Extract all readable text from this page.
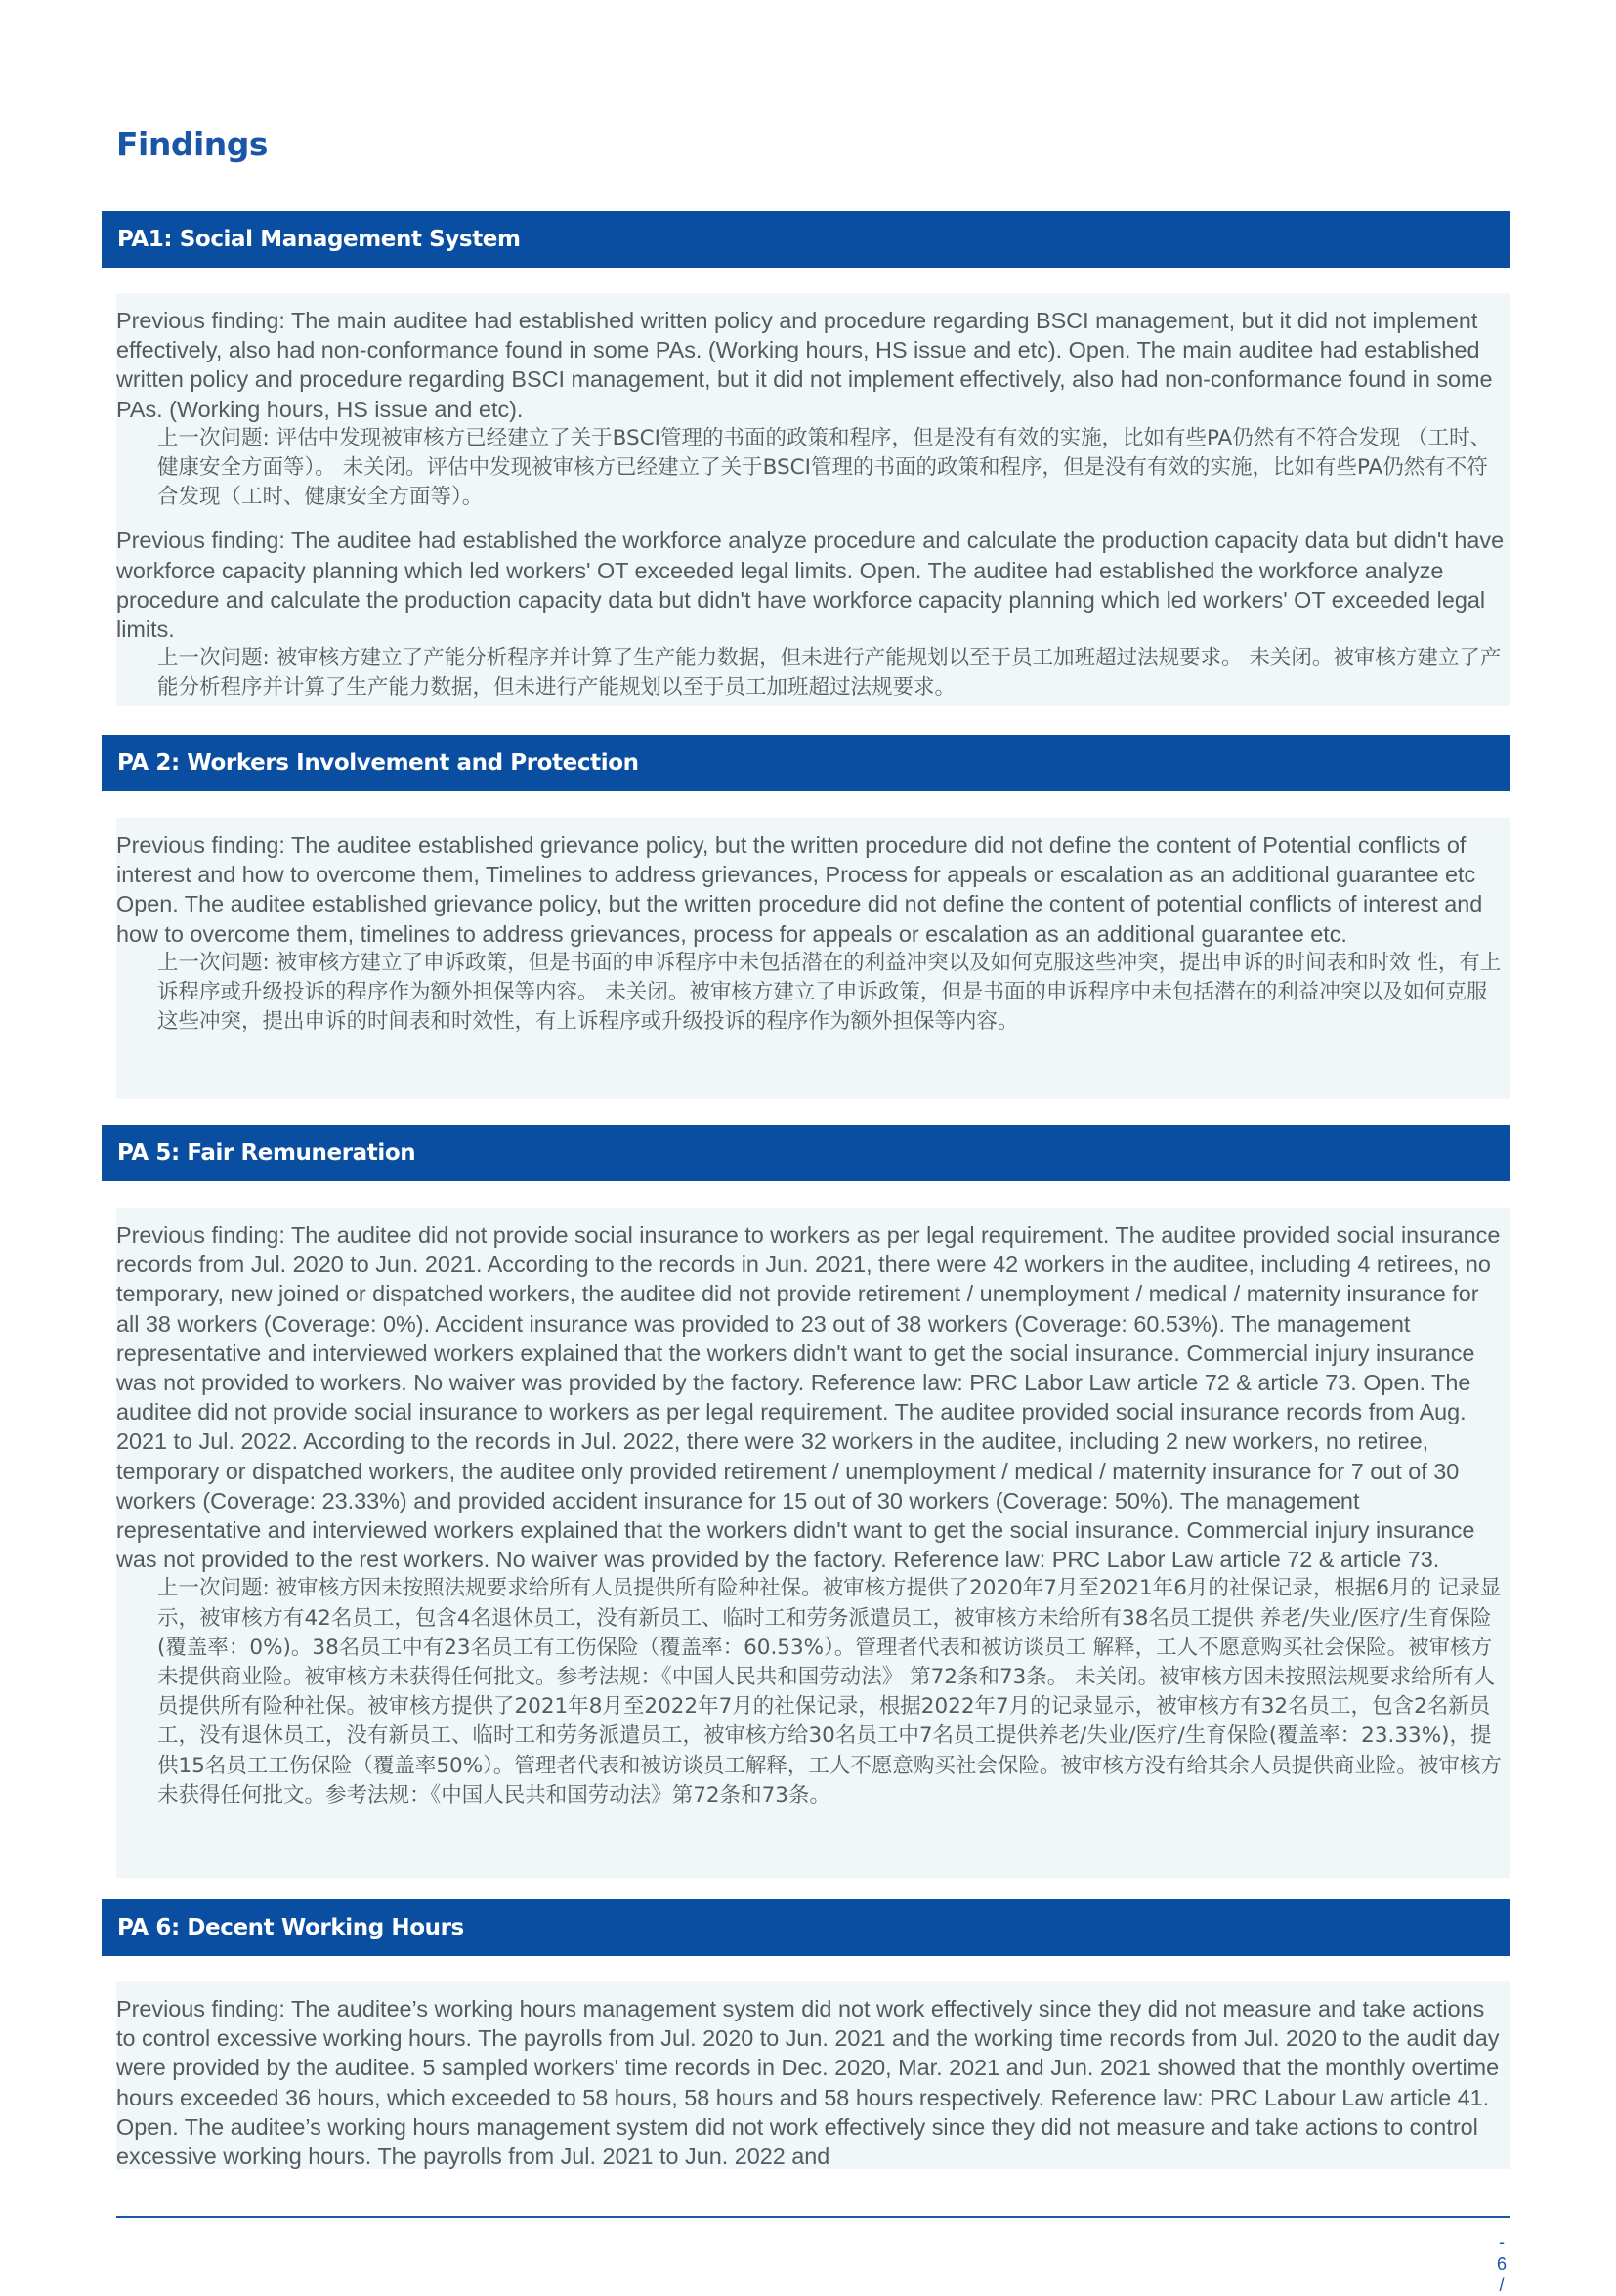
Findings
PA1: Social Management System

Previous finding: The main auditee had established written policy and procedure regarding BSCI management, but it did not implement effectively, also had non-conformance found in some PAs. (Working hours, HS issue and etc). Open. The main auditee had established written policy and procedure regarding BSCI management, but it did not implement effectively, also had non-conformance found in some PAs. (Working hours, HS issue and etc).

上一次问题: 评估中发现被审核方已经建立了关于BSCI管理的书面的政策和程序，但是没有有效的实施，比如有些PA仍然有不符合发现 （工时、健康安全方面等）。 未关闭。评估中发现被审核方已经建立了关于BSCI管理的书面的政策和程序，但是没有有效的实施，比如有些PA仍然有不符合发现（工时、健康安全方面等）。

Previous finding: The auditee had established the workforce analyze procedure and calculate the production capacity data but didn't have workforce capacity planning which led workers' OT exceeded legal limits. Open. The auditee had established the workforce analyze procedure and calculate the production capacity data but didn't have workforce capacity planning which led workers' OT exceeded legal limits.

上一次问题: 被审核方建立了产能分析程序并计算了生产能力数据，但未进行产能规划以至于员工加班超过法规要求。 未关闭。被审核方建立了产能分析程序并计算了生产能力数据，但未进行产能规划以至于员工加班超过法规要求。

PA 2: Workers Involvement and Protection

Previous finding: The auditee established grievance policy, but the written procedure did not define the content of Potential conflicts of interest and how to overcome them, Timelines to address grievances, Process for appeals or escalation as an additional guarantee etc Open. The auditee established grievance policy, but the written procedure did not define the content of potential conflicts of interest and how to overcome them, timelines to address grievances, process for appeals or escalation as an additional guarantee etc.

上一次问题: 被审核方建立了申诉政策，但是书面的申诉程序中未包括潜在的利益冲突以及如何克服这些冲突，提出申诉的时间表和时效 性，有上诉程序或升级投诉的程序作为额外担保等内容。 未关闭。被审核方建立了申诉政策，但是书面的申诉程序中未包括潜在的利益冲突以及如何克服这些冲突，提出申诉的时间表和时效性，有上诉程序或升级投诉的程序作为额外担保等内容。

PA 5: Fair Remuneration

Previous finding: The auditee did not provide social insurance to workers as per legal requirement. The auditee provided social insurance records from Jul. 2020 to Jun. 2021. According to the records in Jun. 2021, there were 42 workers in the auditee, including 4 retirees, no temporary, new joined or dispatched workers, the auditee did not provide retirement / unemployment / medical / maternity insurance for all 38 workers (Coverage: 0%). Accident insurance was provided to 23 out of 38 workers (Coverage: 60.53%). The management representative and interviewed workers explained that the workers didn't want to get the social insurance. Commercial injury insurance was not provided to workers. No waiver was provided by the factory. Reference law: PRC Labor Law article 72 & article 73. Open. The auditee did not provide social insurance to workers as per legal requirement. The auditee provided social insurance records from Aug. 2021 to Jul. 2022. According to the records in Jul. 2022, there were 32 workers in the auditee, including 2 new workers, no retiree, temporary or dispatched workers, the auditee only provided retirement / unemployment / medical / maternity insurance for 7 out of 30 workers (Coverage: 23.33%) and provided accident insurance for 15 out of 30 workers (Coverage: 50%). The management representative and interviewed workers explained that the workers didn't want to get the social insurance. Commercial injury insurance was not provided to the rest workers. No waiver was provided by the factory. Reference law: PRC Labor Law article 72 & article 73.

上一次问题: 被审核方因未按照法规要求给所有人员提供所有险种社保。被审核方提供了2020年7月至2021年6月的社保记录，根据6月的 记录显示，被审核方有42名员工，包含4名退休员工，没有新员工、临时工和劳务派遣员工，被审核方未给所有38名员工提供 养老/失业/医疗/生育保险(覆盖率：0%)。38名员工中有23名员工有工伤保险（覆盖率：60.53%）。管理者代表和被访谈员工 解释，工人不愿意购买社会保险。被审核方未提供商业险。被审核方未获得任何批文。参考法规：《中国人民共和国劳动法》 第72条和73条。 未关闭。被审核方因未按照法规要求给所有人员提供所有险种社保。被审核方提供了2021年8月至2022年7月的社保记录，根据2022年7月的记录显示，被审核方有32名员工，包含2名新员工，没有退休员工，没有新员工、临时工和劳务派遣员工，被审核方给30名员工中7名员工提供养老/失业/医疗/生育保险(覆盖率：23.33%)，提供15名员工工伤保险（覆盖率50%）。管理者代表和被访谈员工解释，工人不愿意购买社会保险。被审核方没有给其余人员提供商业险。被审核方未获得任何批文。参考法规：《中国人民共和国劳动法》第72条和73条。

PA 6: Decent Working Hours

Previous finding: The auditee’s working hours management system did not work effectively since they did not measure and take actions to control excessive working hours. The payrolls from Jul. 2020 to Jun. 2021 and the working time records from Jul. 2020 to the audit day were provided by the auditee. 5 sampled workers' time records in Dec. 2020, Mar. 2021 and Jun. 2021 showed that the monthly overtime hours exceeded 36 hours, which exceeded to 58 hours, 58 hours and 58 hours respectively. Reference law: PRC Labour Law article 41. Open. The auditee’s working hours management system did not work effectively since they did not measure and take actions to control excessive working hours. The payrolls from Jul. 2021 to Jun. 2022 and

-
6
/
